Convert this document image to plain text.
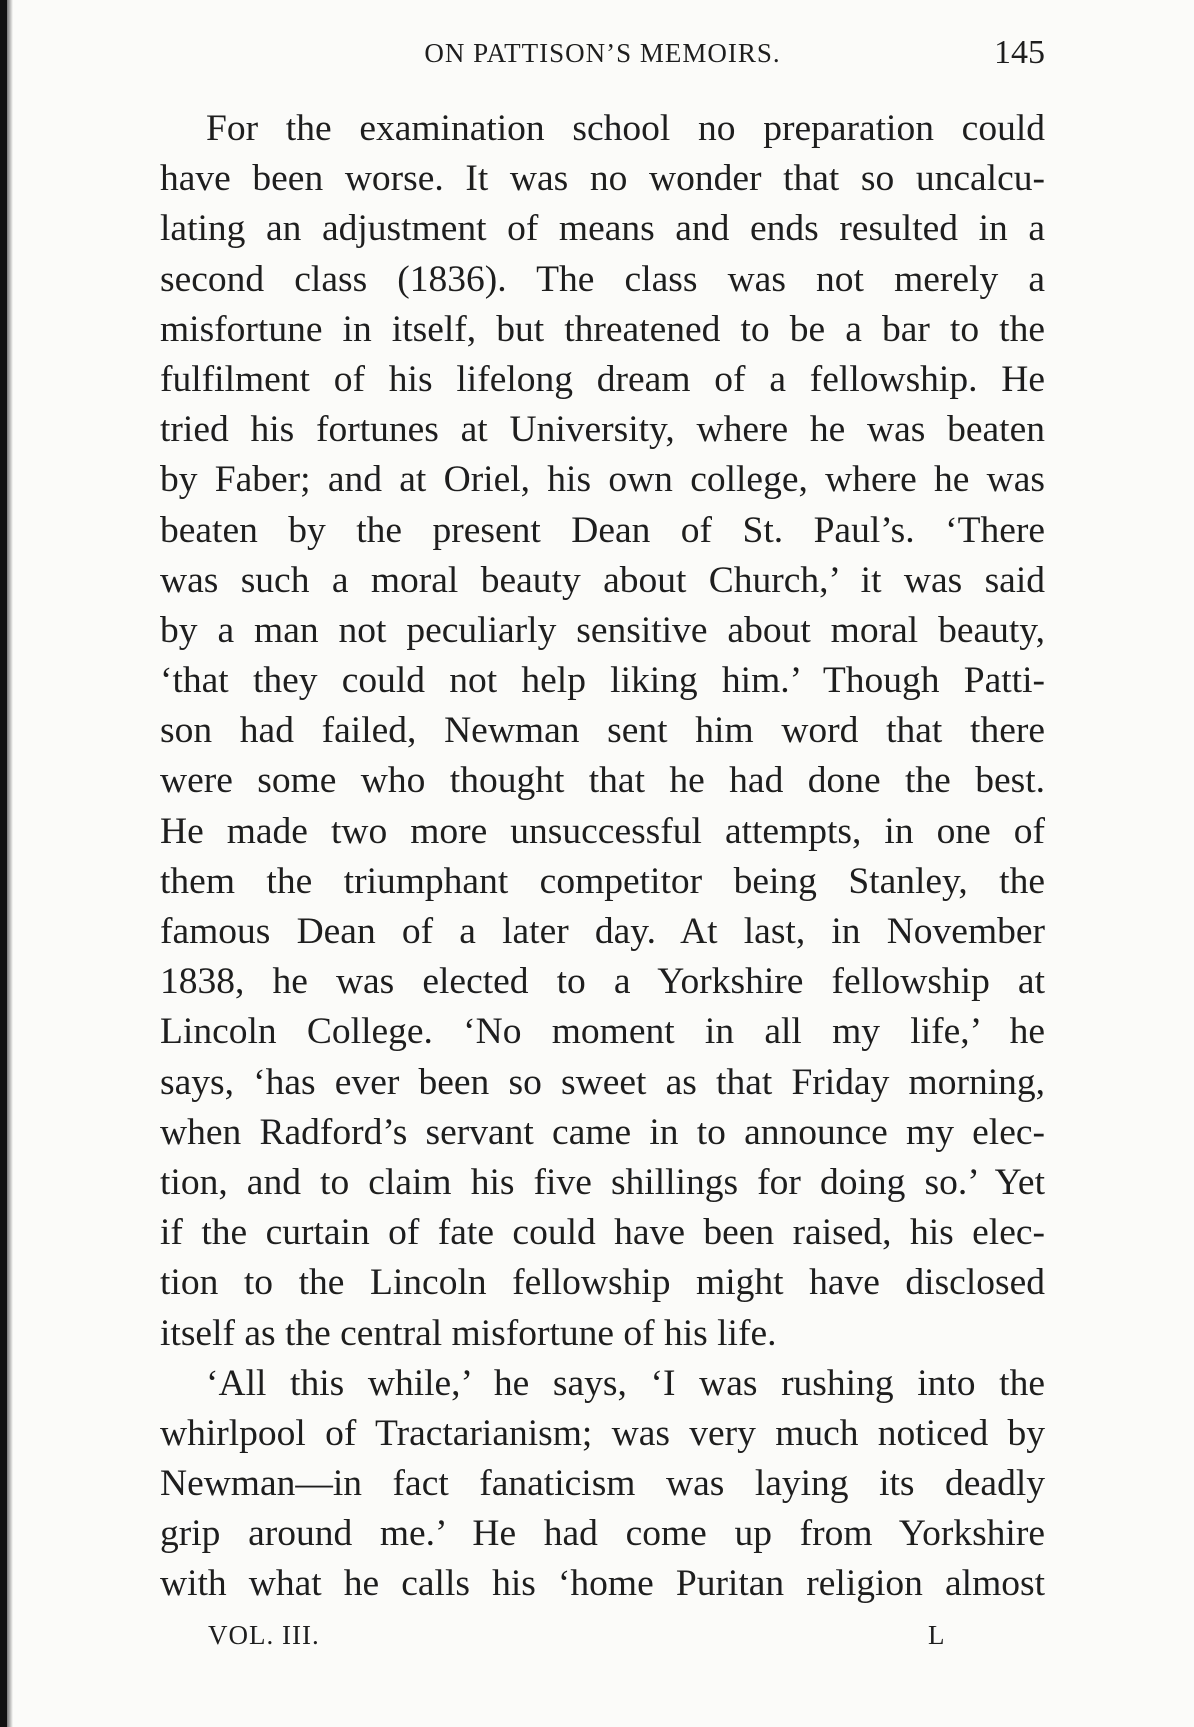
ON PATTISON’S MEMOIRS.	145
For the examination school no preparation could
have been worse. It was no wonder that so uncalcu-
lating an adjustment of means and ends resulted in a
second class (1836). The class was not merely a
misfortune in itself, but threatened to be a bar to the
fulfilment of his lifelong dream of a fellowship. He
tried his fortunes at University, where he was beaten
by Faber; and at Oriel, his own college, where he was
beaten by the present Dean of St. Paul’s. ‘There
was such a moral beauty about Church,’ it was said
by a man not peculiarly sensitive about moral beauty,
‘that they could not help liking him.’ Though Patti-
son had failed, Newman sent him word that there
were some who thought that he had done the best.
He made two more unsuccessful attempts, in one of
them the triumphant competitor being Stanley, the
famous Dean of a later day. At last, in November
1838, he was elected to a Yorkshire fellowship at
Lincoln College. ‘No moment in all my life,’ he
says, ‘has ever been so sweet as that Friday morning,
when Radford’s servant came in to announce my elec-
tion, and to claim his five shillings for doing so.’ Yet
if the curtain of fate could have been raised, his elec-
tion to the Lincoln fellowship might have disclosed
itself as the central misfortune of his life.
‘All this while,’ he says, ‘I was rushing into the
whirlpool of Tractarianism; was very much noticed by
Newman—in fact fanaticism was laying its deadly
grip around me.’ He had come up from Yorkshire
with what he calls his ‘home Puritan religion almost
VOL. III.	L
